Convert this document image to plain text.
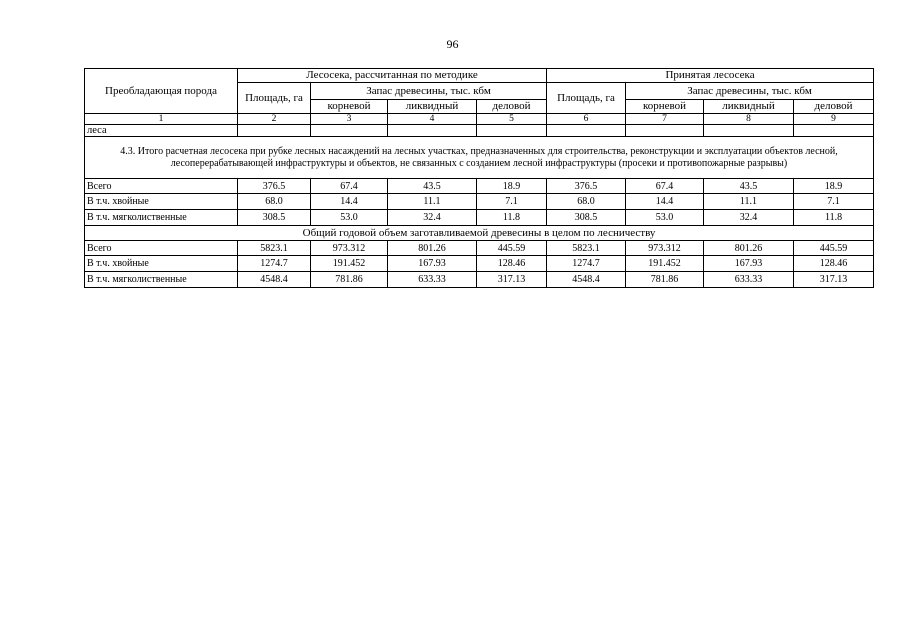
96
Преобладающая порода	Лесосека, рассчитанная по методике				Принятая лесосека			
	Площадь, га	Запас древесины, тыс. кбм			Площадь, га	Запас древесины, тыс. кбм		
		корневой	ликвидный	деловой		корневой	ликвидный	деловой
1	2	3	4	5	6	7	8	9
леса								
4.3. Итого расчетная лесосека при рубке лесных насаждений на лесных участках, предназначенных для строительства, реконструкции и эксплуатации объектов лесной, лесоперерабатывающей инфраструктуры и объектов, не связанных с созданием лесной инфраструктуры (просеки и противопожарные разрывы)								
Всего	376.5	67.4	43.5	18.9	376.5	67.4	43.5	18.9
В т.ч. хвойные	68.0	14.4	11.1	7.1	68.0	14.4	11.1	7.1
В т.ч. мягколиственные	308.5	53.0	32.4	11.8	308.5	53.0	32.4	11.8
Общий годовой объем заготавливаемой древесины в целом по лесничеству								
Всего	5823.1	973.312	801.26	445.59	5823.1	973.312	801.26	445.59
В т.ч. хвойные	1274.7	191.452	167.93	128.46	1274.7	191.452	167.93	128.46
В т.ч. мягколиственные	4548.4	781.86	633.33	317.13	4548.4	781.86	633.33	317.13
